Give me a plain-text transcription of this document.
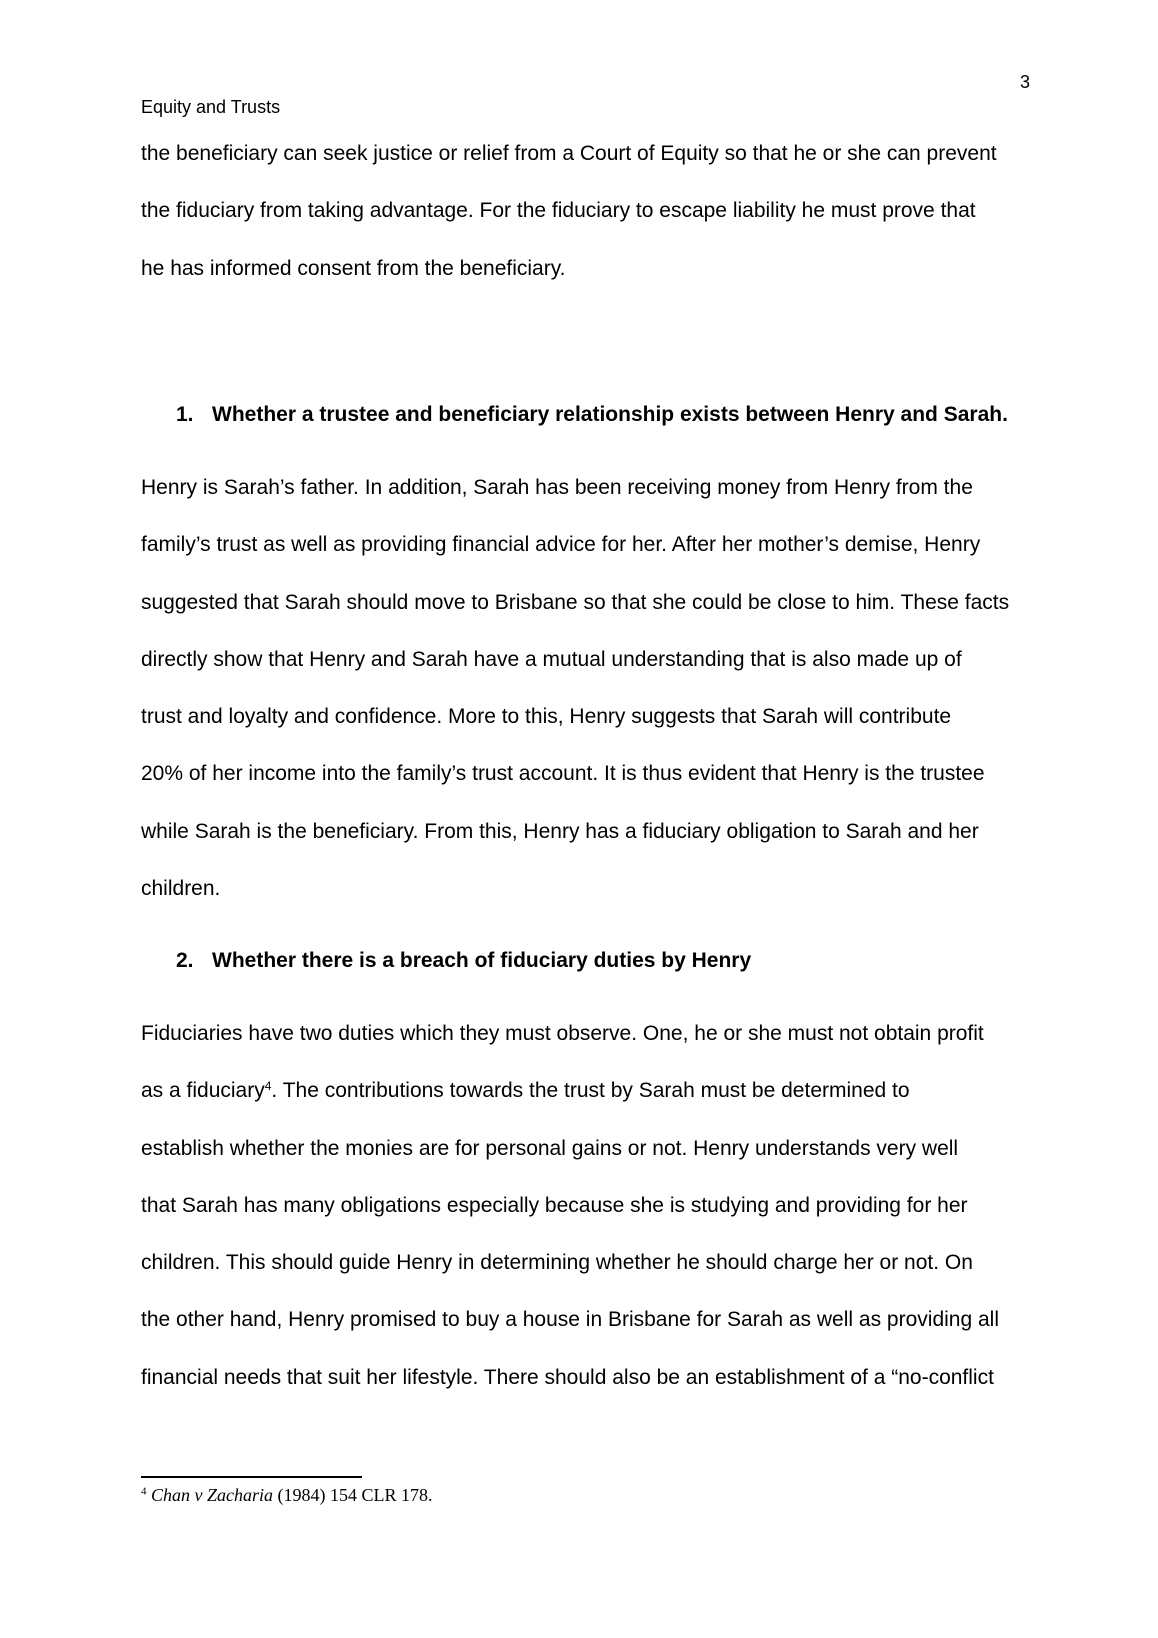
3
Equity and Trusts
the beneficiary can seek justice or relief from a Court of Equity so that he or she can prevent
the fiduciary from taking advantage. For the fiduciary to escape liability he must prove that
he has informed consent from the beneficiary.
1. Whether a trustee and beneficiary relationship exists between Henry and Sarah.
Henry is Sarah’s father. In addition, Sarah has been receiving money from Henry from the
family’s trust as well as providing financial advice for her. After her mother’s demise, Henry
suggested that Sarah should move to Brisbane so that she could be close to him. These facts
directly show that Henry and Sarah have a mutual understanding that is also made up of
trust and loyalty and confidence. More to this, Henry suggests that Sarah will contribute
20% of her income into the family’s trust account. It is thus evident that Henry is the trustee
while Sarah is the beneficiary. From this, Henry has a fiduciary obligation to Sarah and her
children.
2. Whether there is a breach of fiduciary duties by Henry
Fiduciaries have two duties which they must observe. One, he or she must not obtain profit
as a fiduciary$^4$. The contributions towards the trust by Sarah must be determined to
establish whether the monies are for personal gains or not. Henry understands very well
that Sarah has many obligations especially because she is studying and providing for her
children. This should guide Henry in determining whether he should charge her or not. On
the other hand, Henry promised to buy a house in Brisbane for Sarah as well as providing all
financial needs that suit her lifestyle. There should also be an establishment of a “no-conflict
$^4$ Chan v Zacharia (1984) 154 CLR 178.
